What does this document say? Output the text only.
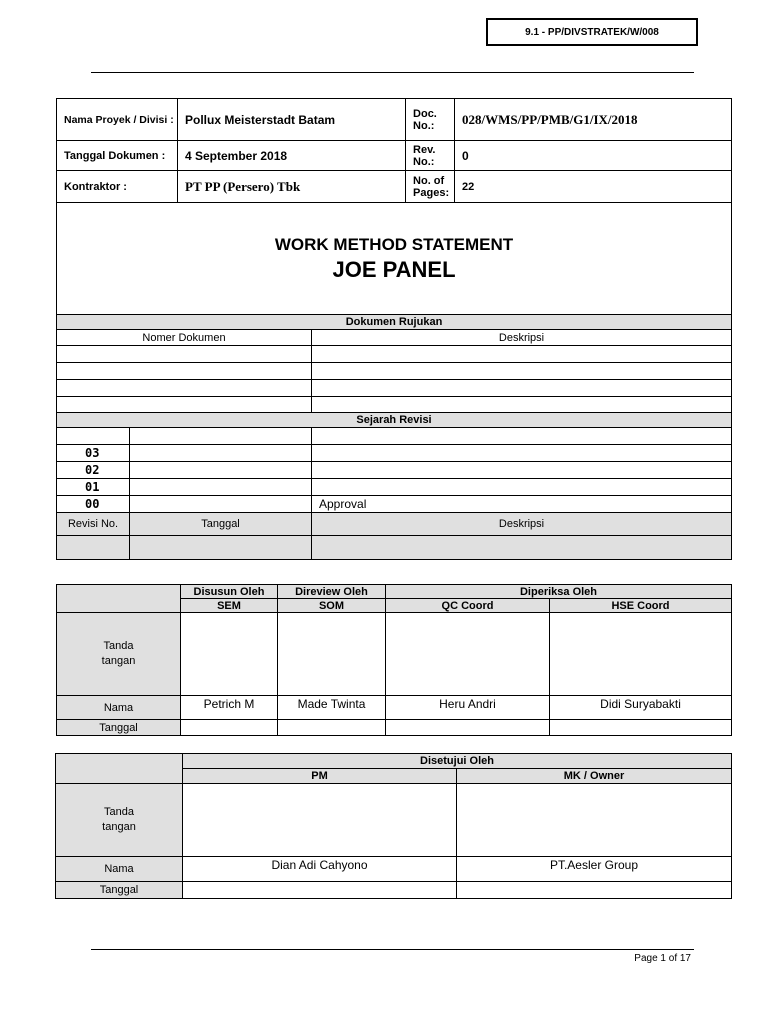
9.1 - PP/DIVSTRATEK/W/008
Nama Proyek / Divisi :		Pollux Meisterstadt Batam		Doc. No.:	028/WMS/PP/PMB/G1/IX/2018
Tanggal Dokumen :		4 September 2018		Rev. No.:	0
Kontraktor :		PT PP (Persero) Tbk		No. of Pages:	22

WORK METHOD STATEMENT
JOE PANEL					

Dokumen Rujukan					
Nomer Dokumen			Deskripsi		

Sejarah Revisi					

03					
02					
01					
00			Approval		
Revisi No.	Tanggal		Deskripsi		

	Disusun Oleh	Direview Oleh	Diperiksa Oleh	
	SEM	SOM	QC Coord	HSE Coord
Tanda
tangan				
Nama	Petrich M	Made Twinta	Heru Andri	Didi Suryabakti
Tanggal				
	Disetujui Oleh	
	PM	MK / Owner
Tanda
tangan		
Nama	Dian Adi Cahyono	PT.Aesler Group
Tanggal		
Page 1 of 17
